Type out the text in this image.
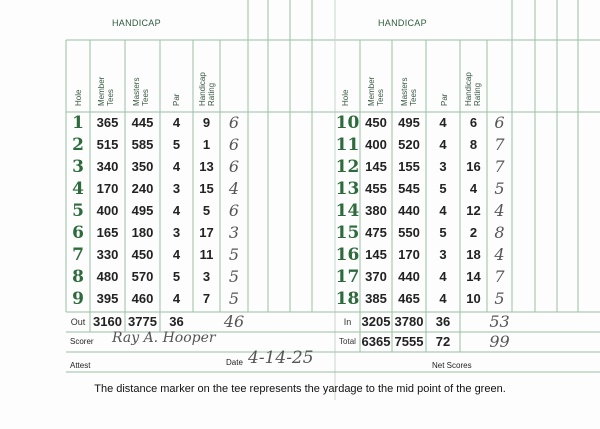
HANDICAP	HANDICAP
Hole Member Tees Masters Tees	Par Handicap Rating	Hole Member Tees Masters Tees	Par Handicap Rating
1 365	445	4	9	6
2 515	585	5	1	6
3 340	350	4	13 6
4 170	240	3	15 4
5 400	495	4	5	6
6 165	180	3	17 3
7 330	450	4	11 5
8 480	570	5	3	5
9 395	460	4	7	5
10 450 495	4	6	6
11 400 520	4	8	7
12 145 155	3	16 7
13 455 545	5	4	5
14 380 440	4	12 4
15 475 550	5	2	8
16 145 170	3	18 4
17 370 440	4	14 7
18 385 465	4	10 5
Out 3160 3775 36	46	In 3205 3780 36	53
Total 6365 7555 72	99
Scorer Ray A. Hooper
Attest	Date 4-14-25	Net Scores
The distance marker on the tee represents the yardage to the mid point of the green.
